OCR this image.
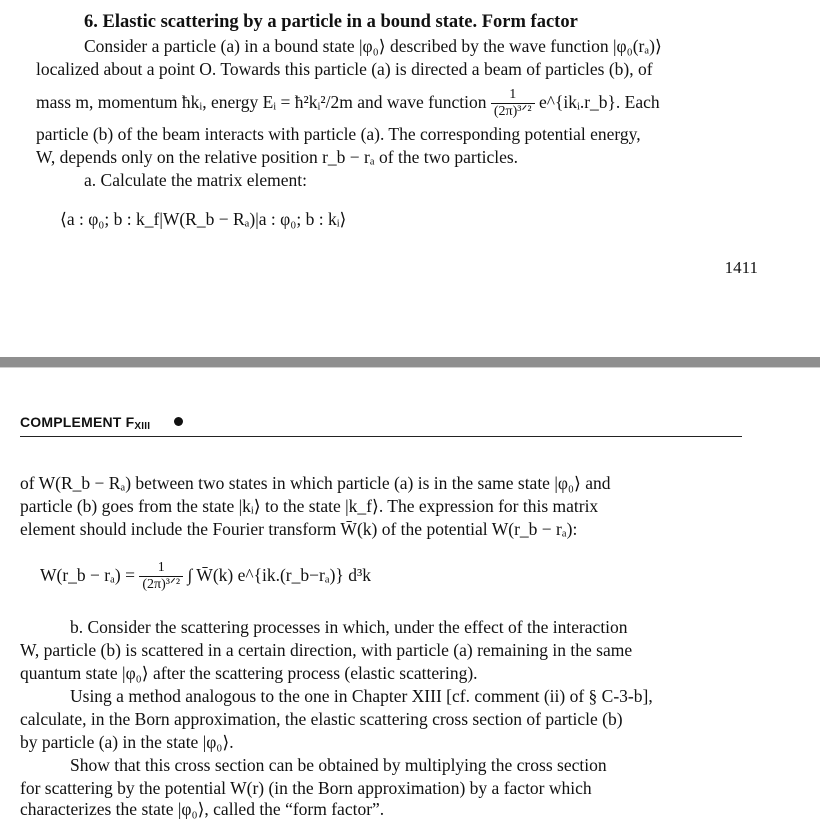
6. Elastic scattering by a particle in a bound state. Form factor
Consider a particle (a) in a bound state |φ₀⟩ described by the wave function |φ₀(rₐ)⟩
localized about a point O. Towards this particle (a) is directed a beam of particles (b), of
mass m, momentum ħkᵢ, energy Eᵢ = ħ²kᵢ²/2m and wave function $\frac{1}{\text{(2π)³ᐟ²}}$ e^{ikᵢ.r_b}. Each
particle (b) of the beam interacts with particle (a). The corresponding potential energy,
W, depends only on the relative position r_b − rₐ of the two particles.
a. Calculate the matrix element:
⟨a : φ₀; b : k_f|W(R_b − Rₐ)|a : φ₀; b : kᵢ⟩
1411
COMPLEMENT $F_{XIII}$
of W(R_b − Rₐ) between two states in which particle (a) is in the same state |φ₀⟩ and
particle (b) goes from the state |kᵢ⟩ to the state |k_f⟩. The expression for this matrix
element should include the Fourier transform W̄(k) of the potential W(r_b − rₐ):
W(r_b − $r_a) = \frac{1}{\text{(2π)³ᐟ²}}$ ∫ W̄(k) e^{ik.(r_b−rₐ)} d³k
b. Consider the scattering processes in which, under the effect of the interaction
W, particle (b) is scattered in a certain direction, with particle (a) remaining in the same
quantum state |φ₀⟩ after the scattering process (elastic scattering).
Using a method analogous to the one in Chapter XIII [cf. comment (ii) of § C-3-b],
calculate, in the Born approximation, the elastic scattering cross section of particle (b)
by particle (a) in the state |φ₀⟩.
Show that this cross section can be obtained by multiplying the cross section
for scattering by the potential W(r) (in the Born approximation) by a factor which
characterizes the state |φ₀⟩, called the “form factor”.
